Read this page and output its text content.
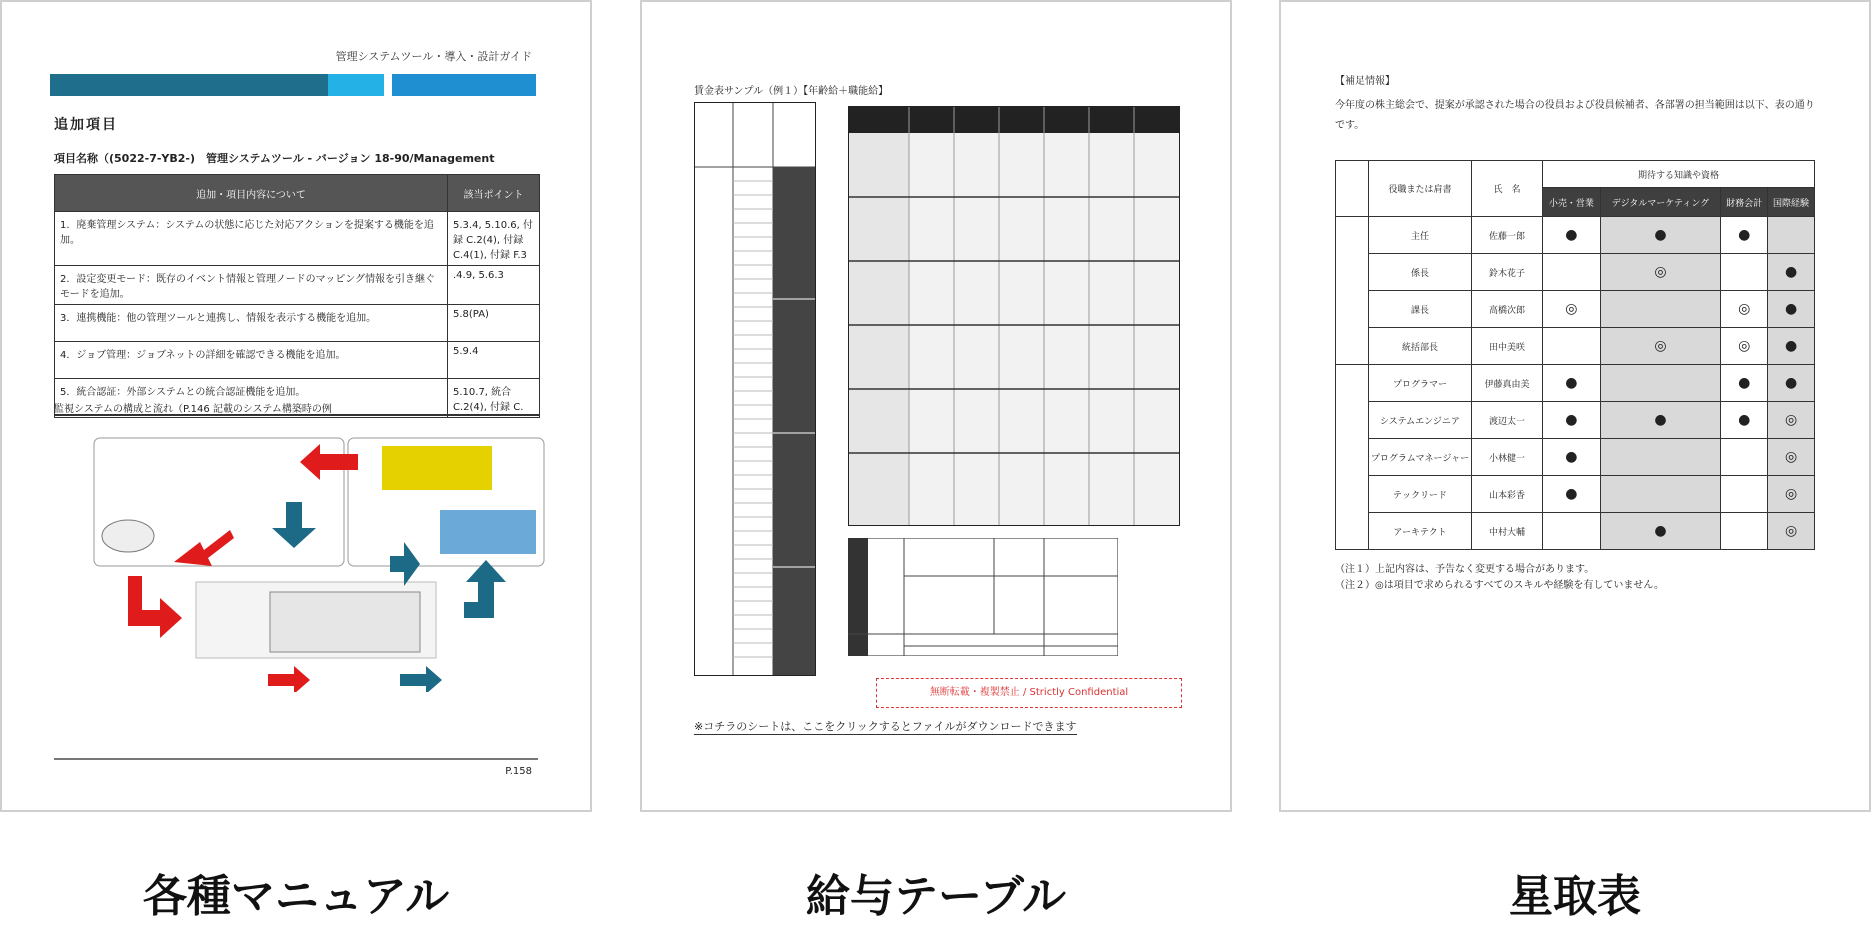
管理システムツール・導入・設計ガイド
追加項目
項目名称（(5022-7-YB2-)　管理システムツール - バージョン 18-90/Management
追加・項目内容について	該当ポイント
1．廃棄管理システム：システムの状態に応じた対応アクションを提案する機能を追加。	5.3.4, 5.10.6, 付録 C.2(4), 付録 C.4(1), 付録 F.3
2．設定変更モード：既存のイベント情報と管理ノードのマッピング情報を引き継ぐモードを追加。	.4.9, 5.6.3
3．連携機能：他の管理ツールと連携し、情報を表示する機能を追加。	5.8(PA)
4．ジョブ管理：ジョブネットの詳細を確認できる機能を追加。	5.9.4
5．統合認証：外部システムとの統合認証機能を追加。	5.10.7, 統合 C.2(4), 付録 C.
監視システムの構成と流れ（P.146 記載のシステム構築時の例
P.158
各種マニュアル
賃金表サンプル（例１）【年齢給＋職能給】
無断転載・複製禁止 / Strictly Confidential
※コチラのシートは、ここをクリックするとファイルがダウンロードできます
給与テーブル
【補足情報】
今年度の株主総会で、提案が承認された場合の役員および役員候補者、各部署の担当範囲は以下、表の通りです。
	役職または肩書	氏　名	期待する知識や資格			
			小売・営業	デジタルマーケティング	財務会計	国際経験
	主任	佐藤一郎	●	●	●	
	係長	鈴木花子		◎		●
	課長	高橋次郎	◎		◎	●
	統括部長	田中美咲		◎	◎	●
	プログラマー	伊藤真由美	●		●	●
	システムエンジニア	渡辺太一	●	●	●	◎
	プログラムマネージャー	小林健一	●			◎
	テックリード	山本彩香	●			◎
	アーキテクト	中村大輔		●		◎
（注１）上記内容は、予告なく変更する場合があります。
（注２）◎は項目で求められるすべてのスキルや経験を有していません。
星取表
